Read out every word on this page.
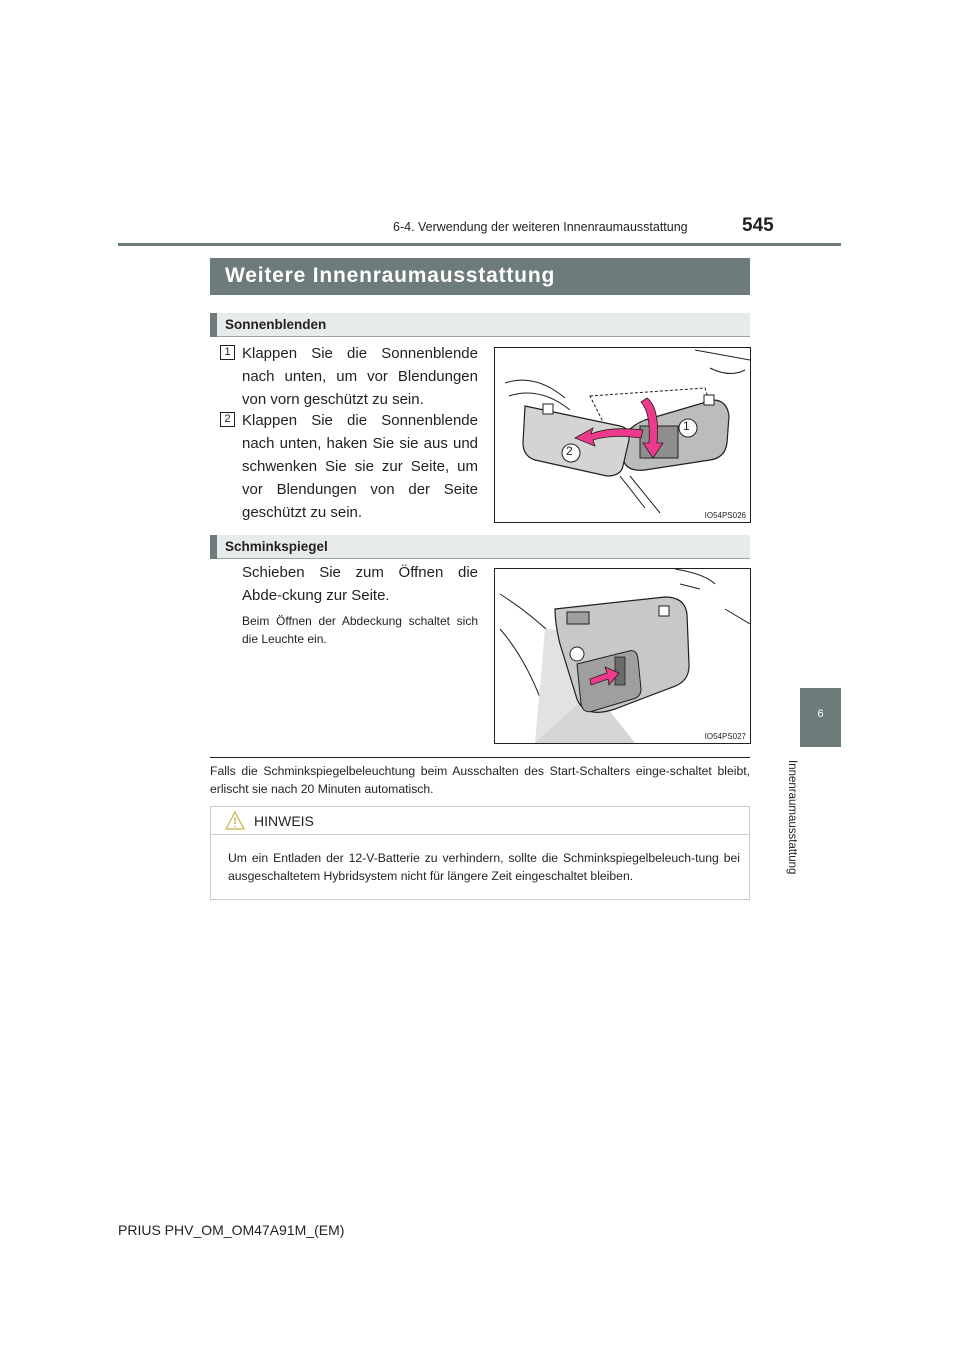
6-4. Verwendung der weiteren Innenraumausstattung	545
6
Innenraumausstattung
Weitere Innenraumausstattung
Sonnenblenden
1 Klappen Sie die Sonnenblende nach unten, um vor Blendungen von vorn geschützt zu sein.
2 Klappen Sie die Sonnenblende nach unten, haken Sie sie aus und schwenken Sie sie zur Seite, um vor Blendungen von der Seite geschützt zu sein.
1
2
IO54PS026
Schminkspiegel
Schieben Sie zum Öffnen die Abde-ckung zur Seite.
Beim Öffnen der Abdeckung schaltet sich die Leuchte ein.
IO54PS027
Falls die Schminkspiegelbeleuchtung beim Ausschalten des Start-Schalters einge-schaltet bleibt, erlischt sie nach 20 Minuten automatisch.
HINWEIS
Um ein Entladen der 12-V-Batterie zu verhindern, sollte die Schminkspiegelbeleuch-tung bei ausgeschaltetem Hybridsystem nicht für längere Zeit eingeschaltet bleiben.
PRIUS PHV_OM_OM47A91M_(EM)
